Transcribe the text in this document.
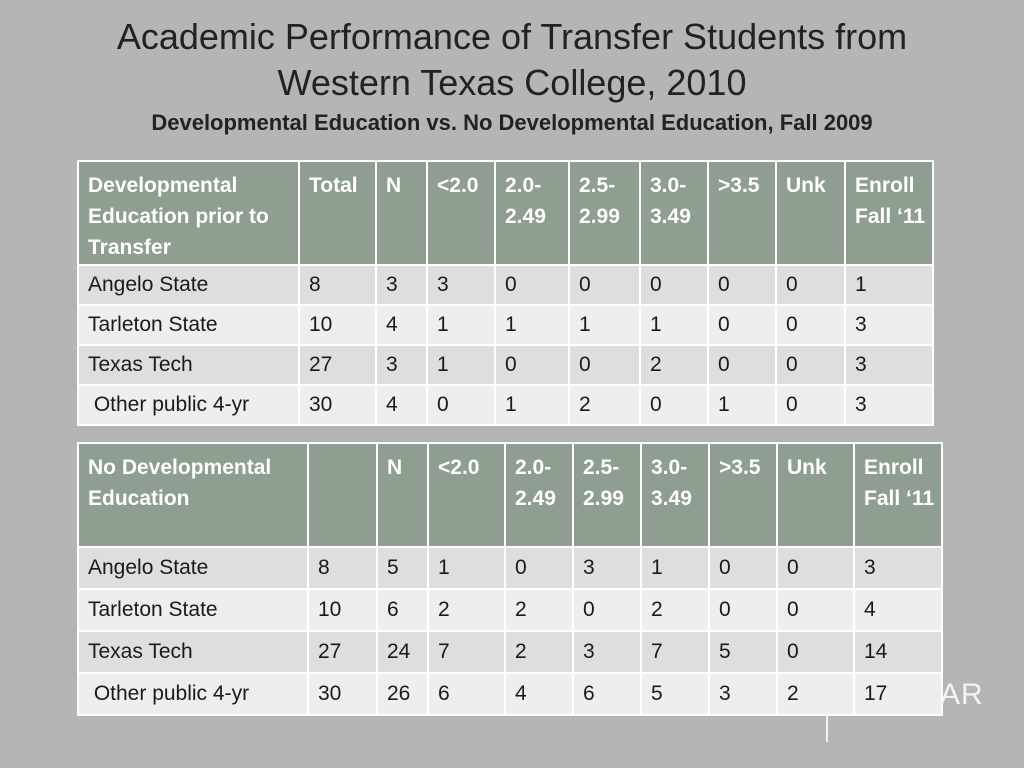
Academic Performance of Transfer Students from
Western Texas College, 2010
Developmental Education vs. No Developmental Education, Fall 2009
Developmental Education prior to Transfer	Total	N	<2.0	2.0-2.49	2.5-2.99	3.0-3.49	>3.5	Unk	Enroll Fall ‘11
Angelo State	8	3	3	0	0	0	0	0	1
Tarleton State	10	4	1	1	1	1	0	0	3
Texas Tech	27	3	1	0	0	2	0	0	3
Other public 4-yr	30	4	0	1	2	0	1	0	3
No Developmental Education		N	<2.0	2.0-2.49	2.5-2.99	3.0-3.49	>3.5	Unk	Enroll Fall ‘11
Angelo State	8	5	1	0	3	1	0	0	3
Tarleton State	10	6	2	2	0	2	0	0	4
Texas Tech	27	24	7	2	3	7	5	0	14
Other public 4-yr	30	26	6	4	6	5	3	2	17 AR
